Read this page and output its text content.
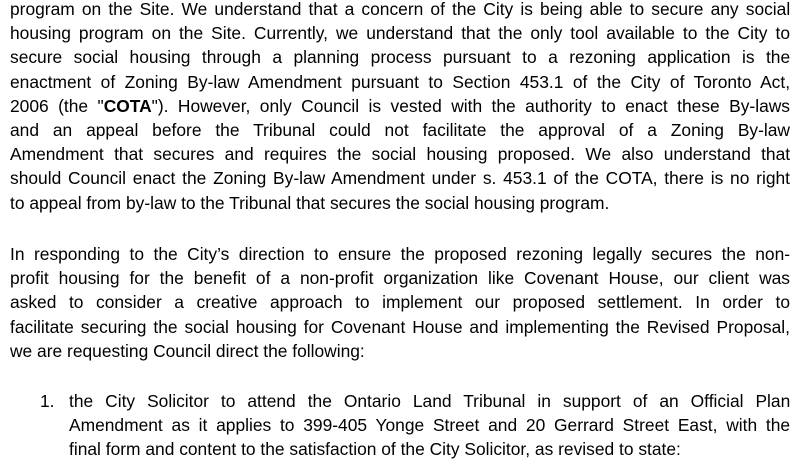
program on the Site. We understand that a concern of the City is being able to secure any social
housing program on the Site. Currently, we understand that the only tool available to the City to
secure social housing through a planning process pursuant to a rezoning application is the
enactment of Zoning By-law Amendment pursuant to Section 453.1 of the City of Toronto Act,
2006 (the "COTA"). However, only Council is vested with the authority to enact these By-laws
and an appeal before the Tribunal could not facilitate the approval of a Zoning By-law
Amendment that secures and requires the social housing proposed. We also understand that
should Council enact the Zoning By-law Amendment under s. 453.1 of the COTA, there is no right
to appeal from by-law to the Tribunal that secures the social housing program.
In responding to the City’s direction to ensure the proposed rezoning legally secures the non-
profit housing for the benefit of a non-profit organization like Covenant House, our client was
asked to consider a creative approach to implement our proposed settlement. In order to
facilitate securing the social housing for Covenant House and implementing the Revised Proposal,
we are requesting Council direct the following:
1. the City Solicitor to attend the Ontario Land Tribunal in support of an Official Plan
Amendment as it applies to 399-405 Yonge Street and 20 Gerrard Street East, with the
final form and content to the satisfaction of the City Solicitor, as revised to state:
